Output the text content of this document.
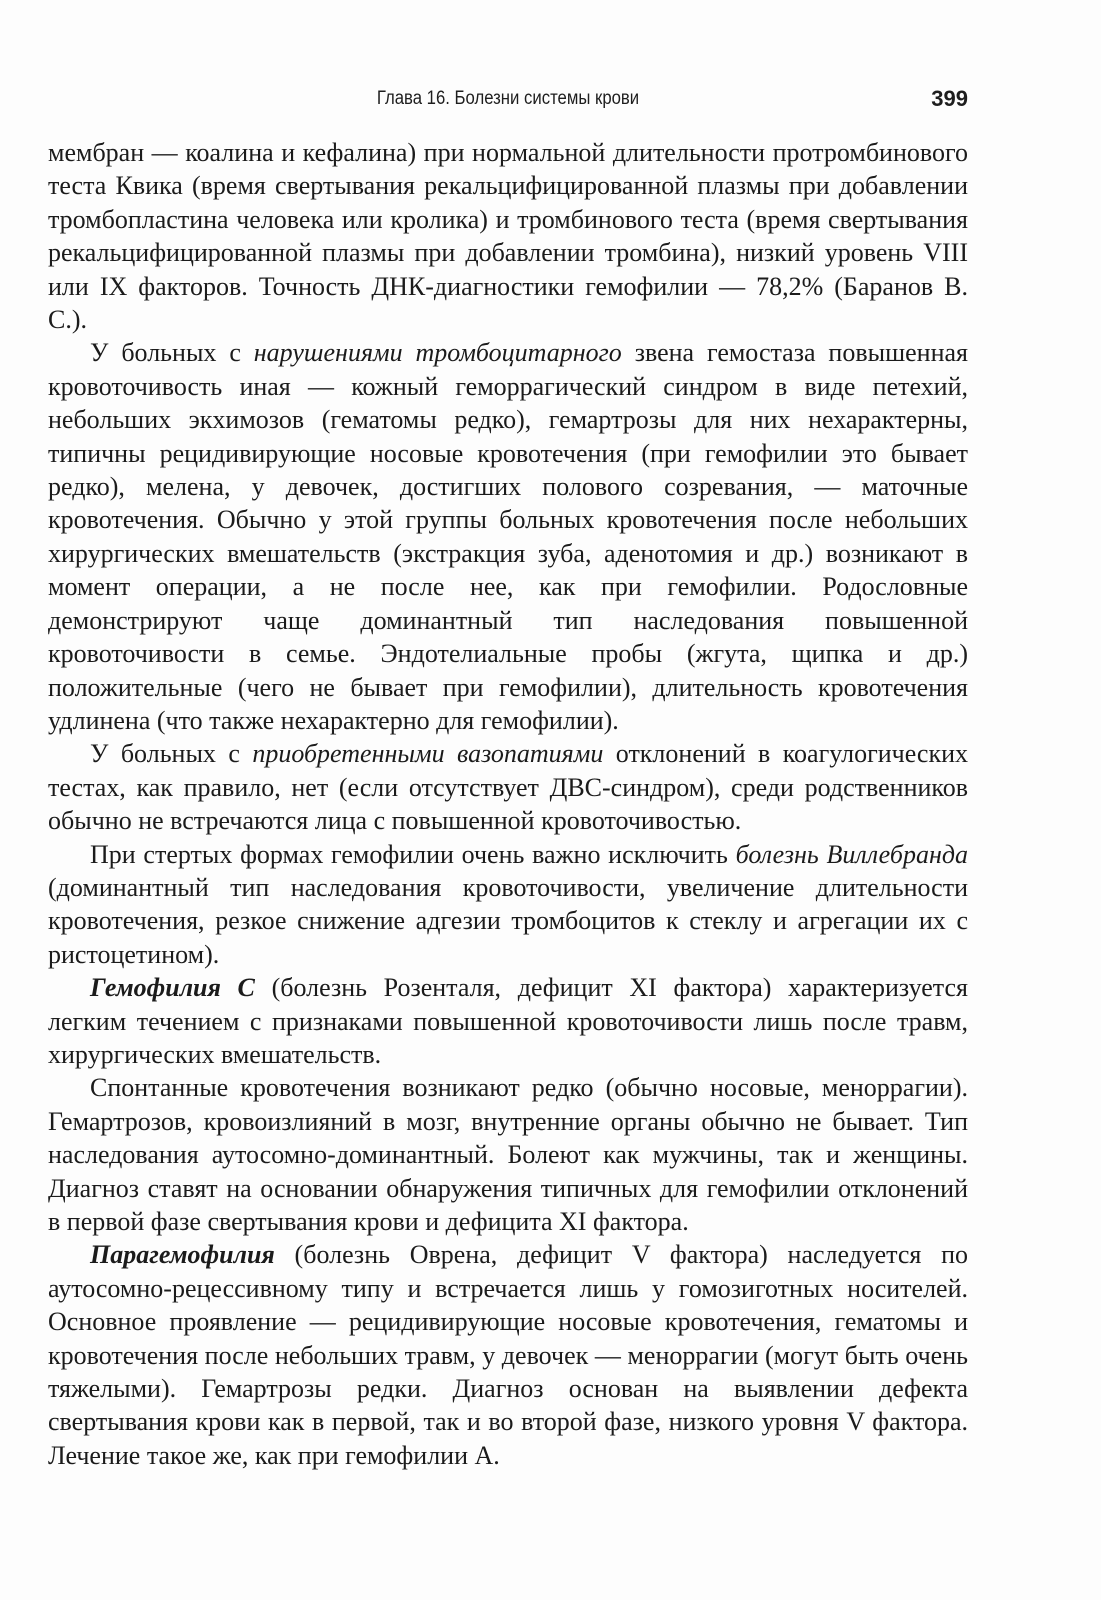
Глава 16. Болезни системы крови	399

мембран — коалина и кефалина) при нормальной длительности протромбинового теста Квика (время свертывания рекальцифицированной плазмы при добавлении тромбопластина человека или кролика) и тромбинового теста (время свертывания рекальцифицированной плазмы при добавлении тромбина), низкий уровень VIII или IX факторов. Точность ДНК-диагностики гемофилии — 78,2% (Баранов В. С.).

У больных с нарушениями тромбоцитарного звена гемостаза повышенная кровоточивость иная — кожный геморрагический синдром в виде петехий, небольших экхимозов (гематомы редко), гемартрозы для них нехарактерны, типичны рецидивирующие носовые кровотечения (при гемофилии это бывает редко), мелена, у девочек, достигших полового созревания, — маточные кровотечения. Обычно у этой группы больных кровотечения после небольших хирургических вмешательств (экстракция зуба, аденотомия и др.) возникают в момент операции, а не после нее, как при гемофилии. Родословные демонстрируют чаще доминантный тип наследования повышенной кровоточивости в семье. Эндотелиальные пробы (жгута, щипка и др.) положительные (чего не бывает при гемофилии), длительность кровотечения удлинена (что также нехарактерно для гемофилии).

У больных с приобретенными вазопатиями отклонений в коагулогических тестах, как правило, нет (если отсутствует ДВС-синдром), среди родственников обычно не встречаются лица с повышенной кровоточивостью.

При стертых формах гемофилии очень важно исключить болезнь Виллебранда (доминантный тип наследования кровоточивости, увеличение длительности кровотечения, резкое снижение адгезии тромбоцитов к стеклу и агрегации их с ристоцетином).

Гемофилия С (болезнь Розенталя, дефицит XI фактора) характеризуется легким течением с признаками повышенной кровоточивости лишь после травм, хирургических вмешательств.

Спонтанные кровотечения возникают редко (обычно носовые, меноррагии). Гемартрозов, кровоизлияний в мозг, внутренние органы обычно не бывает. Тип наследования аутосомно-доминантный. Болеют как мужчины, так и женщины. Диагноз ставят на основании обнаружения типичных для гемофилии отклонений в первой фазе свертывания крови и дефицита XI фактора.

Парагемофилия (болезнь Оврена, дефицит V фактора) наследуется по аутосомно-рецессивному типу и встречается лишь у гомозиготных носителей. Основное проявление — рецидивирующие носовые кровотечения, гематомы и кровотечения после небольших травм, у девочек — меноррагии (могут быть очень тяжелыми). Гемартрозы редки. Диагноз основан на выявлении дефекта свертывания крови как в первой, так и во второй фазе, низкого уровня V фактора. Лечение такое же, как при гемофилии А.
